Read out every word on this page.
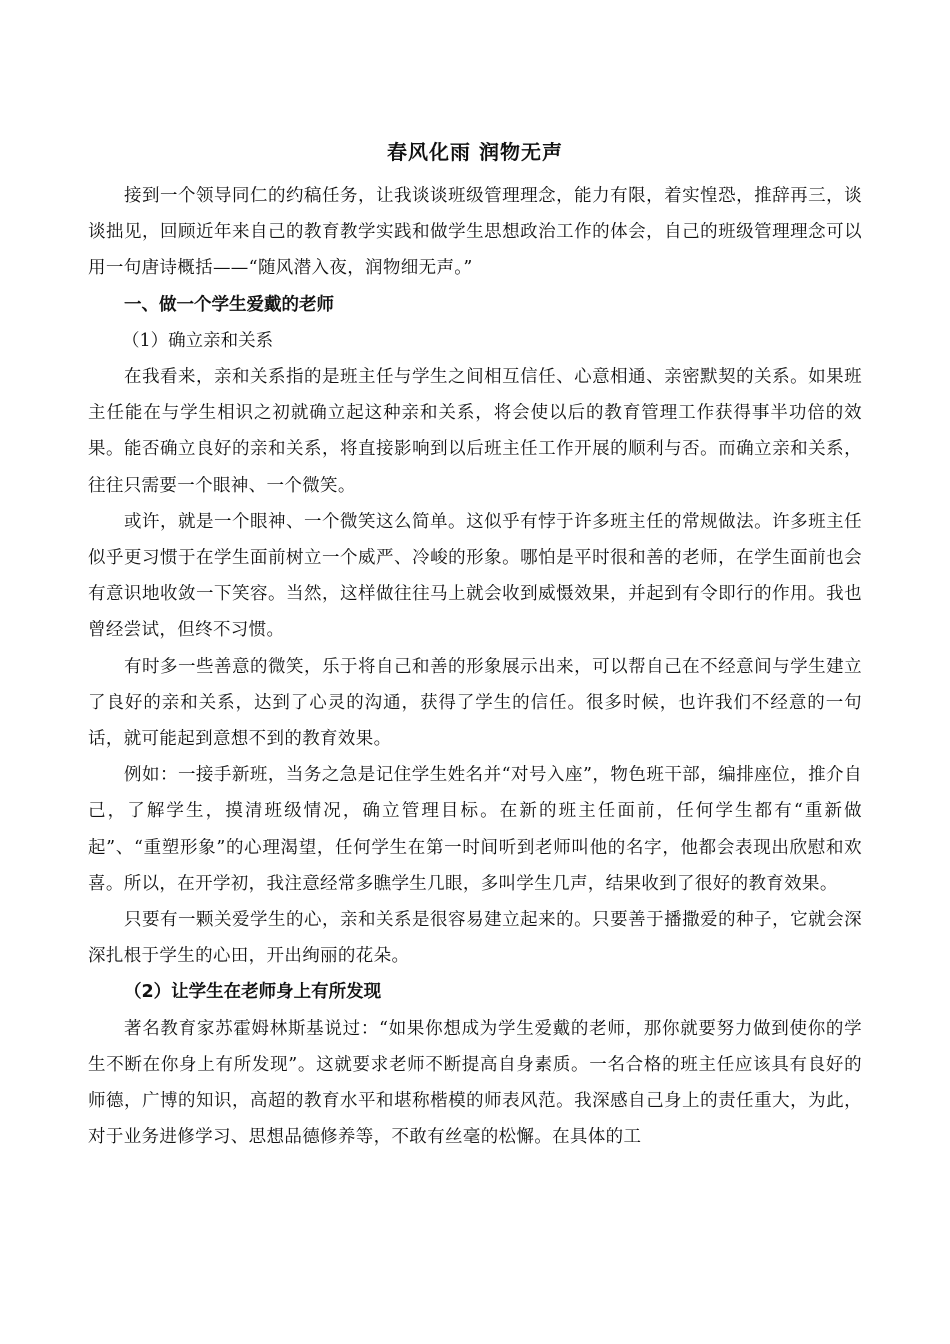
春风化雨 润物无声

接到一个领导同仁的约稿任务，让我谈谈班级管理理念，能力有限，着实惶恐，推辞再三，谈谈拙见，回顾近年来自己的教育教学实践和做学生思想政治工作的体会，自己的班级管理理念可以用一句唐诗概括——“随风潜入夜，润物细无声。”

一、做一个学生爱戴的老师

（1）确立亲和关系

在我看来，亲和关系指的是班主任与学生之间相互信任、心意相通、亲密默契的关系。如果班主任能在与学生相识之初就确立起这种亲和关系，将会使以后的教育管理工作获得事半功倍的效果。能否确立良好的亲和关系，将直接影响到以后班主任工作开展的顺利与否。而确立亲和关系，往往只需要一个眼神、一个微笑。

或许，就是一个眼神、一个微笑这么简单。这似乎有悖于许多班主任的常规做法。许多班主任似乎更习惯于在学生面前树立一个威严、冷峻的形象。哪怕是平时很和善的老师，在学生面前也会有意识地收敛一下笑容。当然，这样做往往马上就会收到威慑效果，并起到有令即行的作用。我也曾经尝试，但终不习惯。

有时多一些善意的微笑，乐于将自己和善的形象展示出来，可以帮自己在不经意间与学生建立了良好的亲和关系，达到了心灵的沟通，获得了学生的信任。很多时候，也许我们不经意的一句话，就可能起到意想不到的教育效果。

例如：一接手新班，当务之急是记住学生姓名并“对号入座”，物色班干部，编排座位，推介自己，了解学生，摸清班级情况，确立管理目标。在新的班主任面前，任何学生都有“重新做起”、“重塑形象”的心理渴望，任何学生在第一时间听到老师叫他的名字，他都会表现出欣慰和欢喜。所以，在开学初，我注意经常多瞧学生几眼，多叫学生几声，结果收到了很好的教育效果。

只要有一颗关爱学生的心，亲和关系是很容易建立起来的。只要善于播撒爱的种子，它就会深深扎根于学生的心田，开出绚丽的花朵。

（2）让学生在老师身上有所发现

著名教育家苏霍姆林斯基说过：“如果你想成为学生爱戴的老师，那你就要努力做到使你的学生不断在你身上有所发现”。这就要求老师不断提高自身素质。一名合格的班主任应该具有良好的师德，广博的知识，高超的教育水平和堪称楷模的师表风范。我深感自己身上的责任重大，为此，对于业务进修学习、思想品德修养等，不敢有丝毫的松懈。在具体的工
